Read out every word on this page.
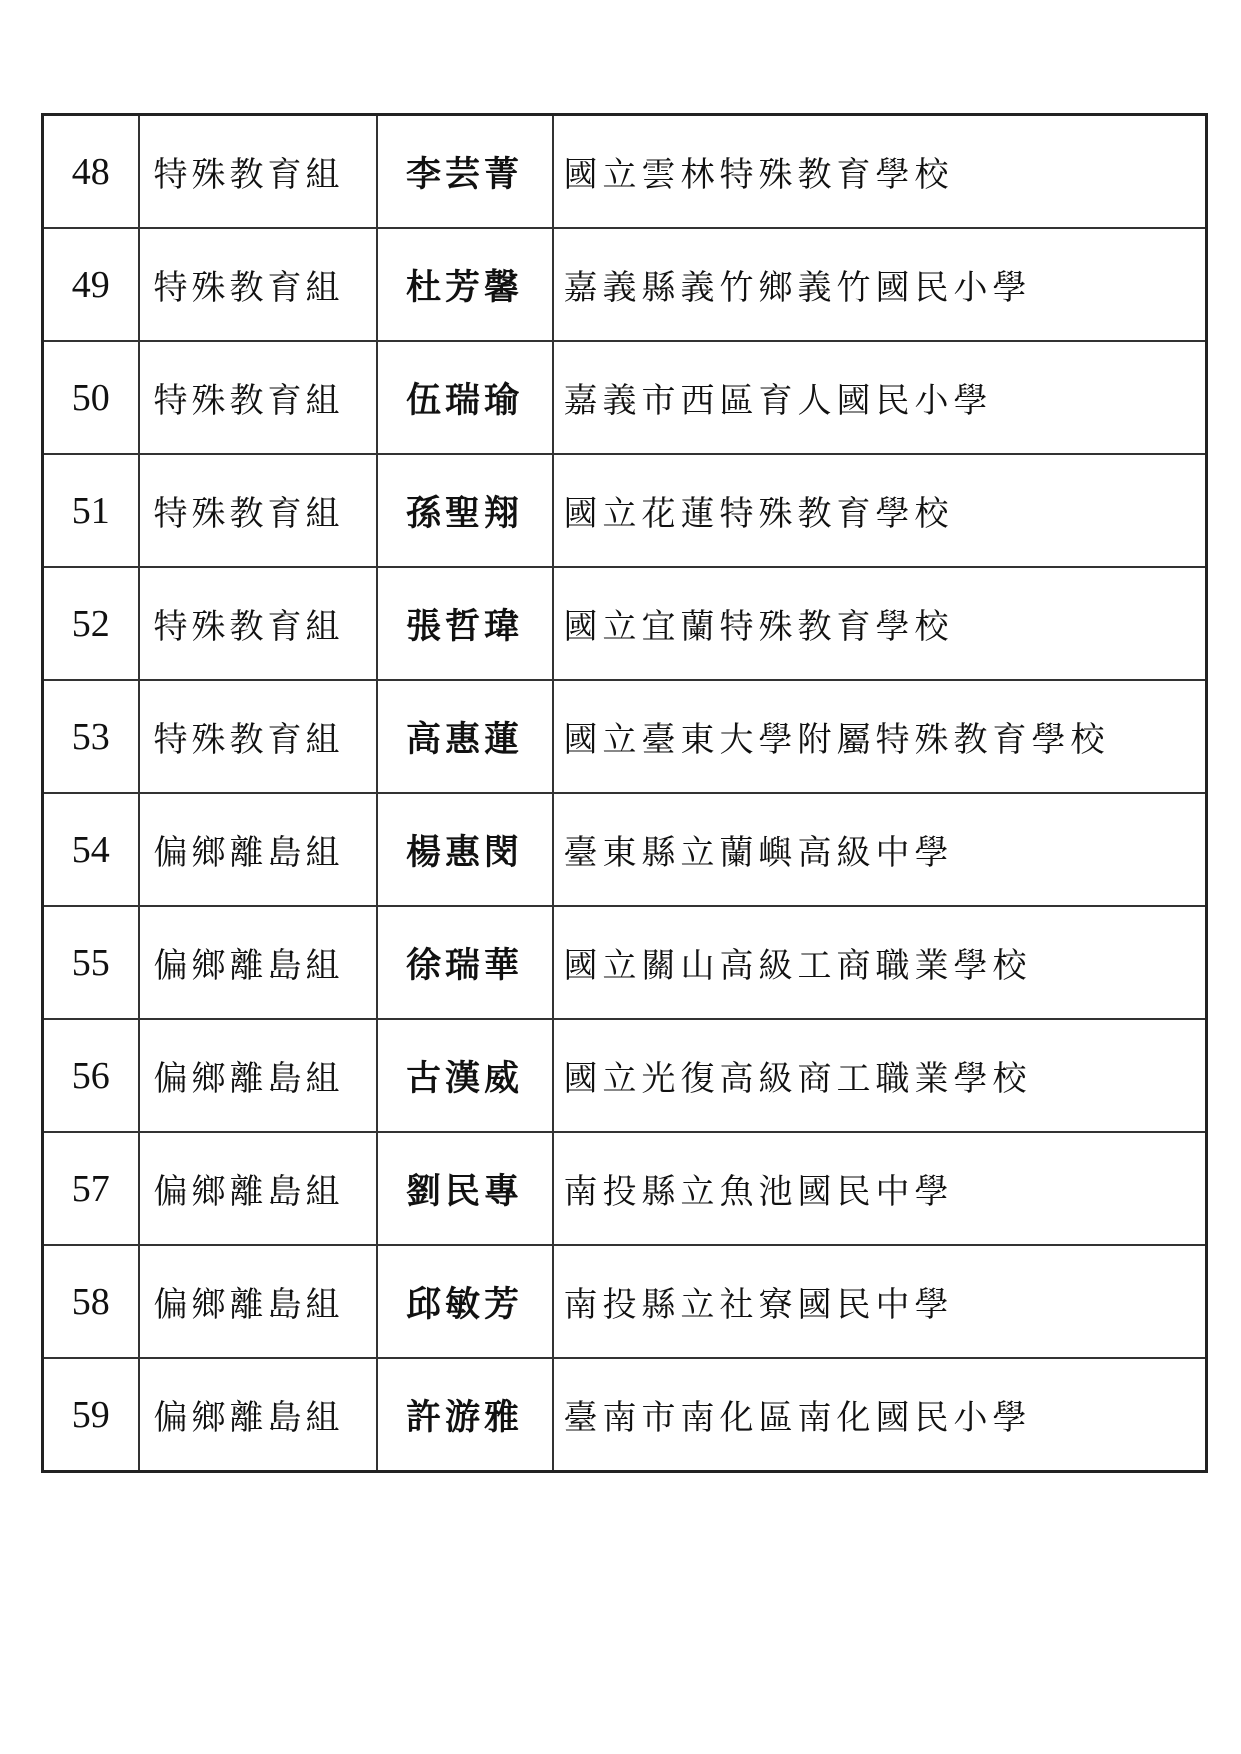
48	特殊教育組	李芸菁	國立雲林特殊教育學校
49	特殊教育組	杜芳馨	嘉義縣義竹鄉義竹國民小學
50	特殊教育組	伍瑞瑜	嘉義市西區育人國民小學
51	特殊教育組	孫聖翔	國立花蓮特殊教育學校
52	特殊教育組	張哲瑋	國立宜蘭特殊教育學校
53	特殊教育組	高惠蓮	國立臺東大學附屬特殊教育學校
54	偏鄉離島組	楊惠閔	臺東縣立蘭嶼高級中學
55	偏鄉離島組	徐瑞華	國立關山高級工商職業學校
56	偏鄉離島組	古漢威	國立光復高級商工職業學校
57	偏鄉離島組	劉民專	南投縣立魚池國民中學
58	偏鄉離島組	邱敏芳	南投縣立社寮國民中學
59	偏鄉離島組	許游雅	臺南市南化區南化國民小學
